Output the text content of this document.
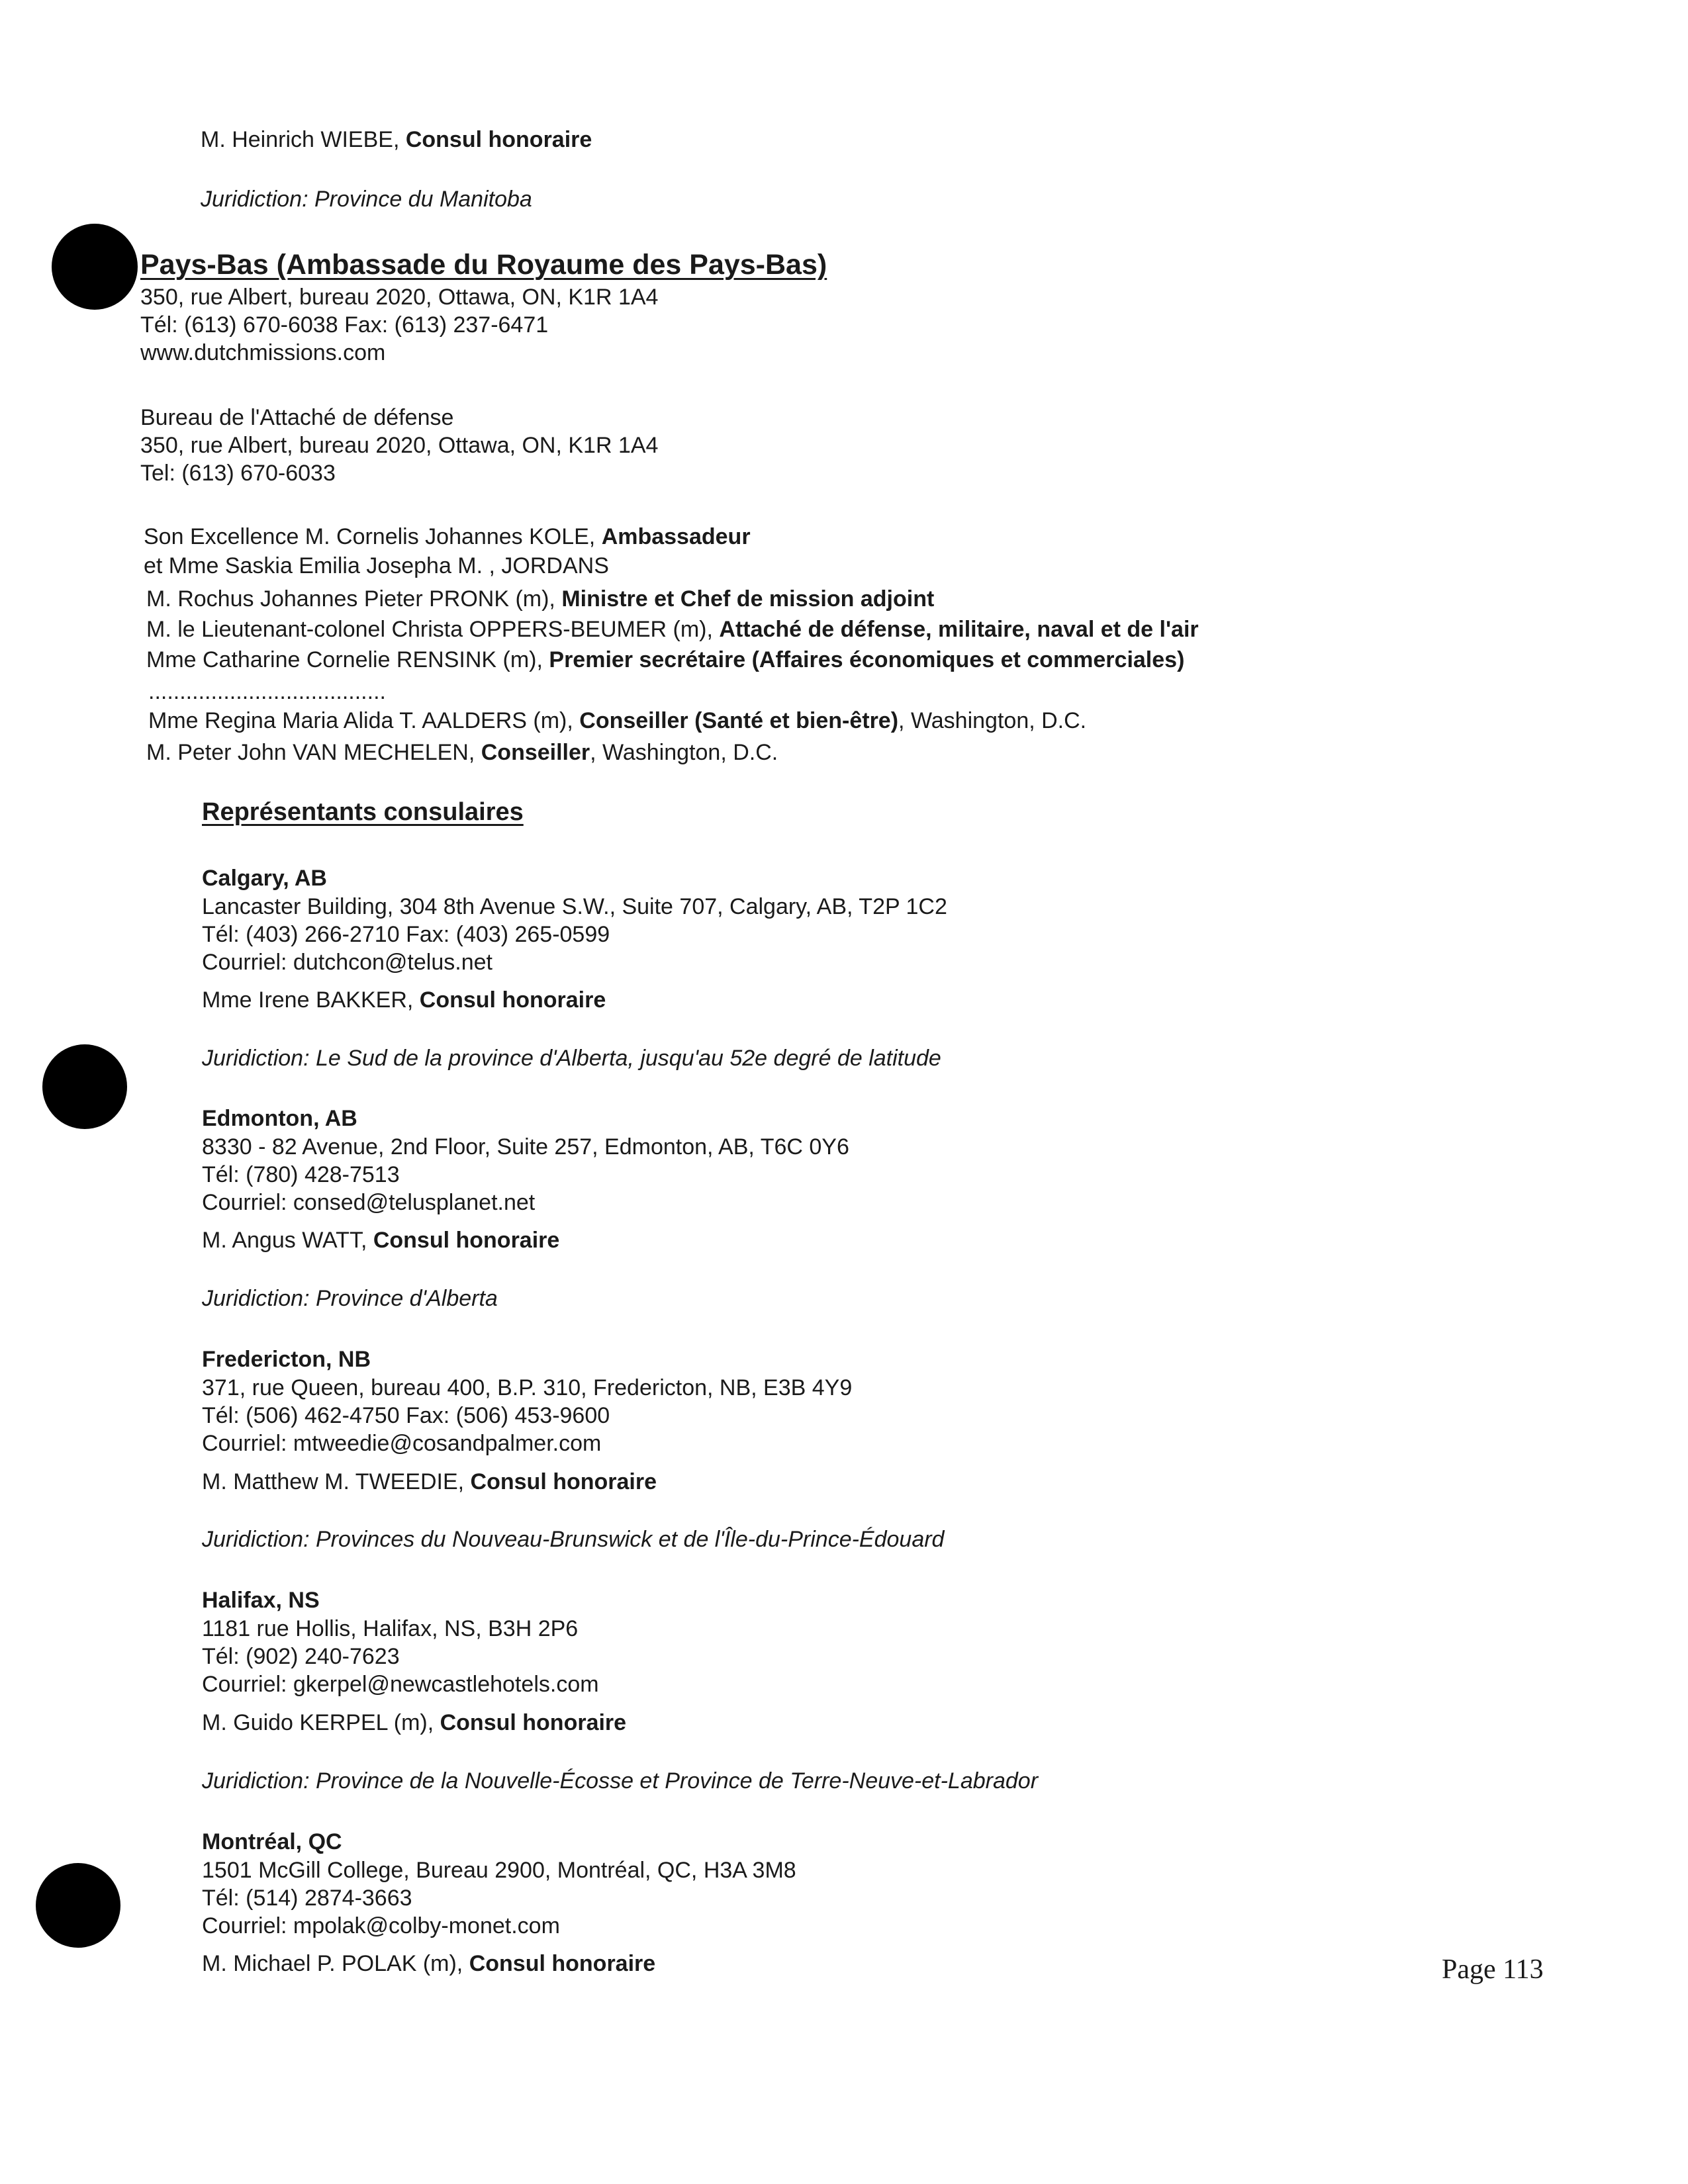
M. Heinrich WIEBE, Consul honoraire
Juridiction: Province du Manitoba
Pays-Bas (Ambassade du Royaume des Pays-Bas)
350, rue Albert, bureau 2020, Ottawa, ON, K1R 1A4
Tél: (613) 670-6038 Fax: (613) 237-6471
www.dutchmissions.com
Bureau de l'Attaché de défense
350, rue Albert, bureau 2020, Ottawa, ON, K1R 1A4
Tel: (613) 670-6033
Son Excellence M. Cornelis Johannes KOLE, Ambassadeur
et Mme Saskia Emilia Josepha M. , JORDANS
M. Rochus Johannes Pieter PRONK (m), Ministre et Chef de mission adjoint
M. le Lieutenant-colonel Christa OPPERS-BEUMER (m), Attaché de défense, militaire, naval et de l'air
Mme Catharine Cornelie RENSINK (m), Premier secrétaire (Affaires économiques et commerciales)
......................................
Mme Regina Maria Alida T. AALDERS (m), Conseiller (Santé et bien-être), Washington, D.C.
M. Peter John VAN MECHELEN, Conseiller, Washington, D.C.
Représentants consulaires
Calgary, AB
Lancaster Building, 304 8th Avenue S.W., Suite 707, Calgary, AB, T2P 1C2
Tél: (403) 266-2710 Fax: (403) 265-0599
Courriel: dutchcon@telus.net
Mme Irene BAKKER, Consul honoraire
Juridiction: Le Sud de la province d'Alberta, jusqu'au 52e degré de latitude
Edmonton, AB
8330 - 82 Avenue, 2nd Floor, Suite 257, Edmonton, AB, T6C 0Y6
Tél: (780) 428-7513
Courriel: consed@telusplanet.net
M. Angus WATT, Consul honoraire
Juridiction: Province d'Alberta
Fredericton, NB
371, rue Queen, bureau 400, B.P. 310, Fredericton, NB, E3B 4Y9
Tél: (506) 462-4750 Fax: (506) 453-9600
Courriel: mtweedie@cosandpalmer.com
M. Matthew M. TWEEDIE, Consul honoraire
Juridiction: Provinces du Nouveau-Brunswick et de l'Île-du-Prince-Édouard
Halifax, NS
1181 rue Hollis, Halifax, NS, B3H 2P6
Tél: (902) 240-7623
Courriel: gkerpel@newcastlehotels.com
M. Guido KERPEL (m), Consul honoraire
Juridiction: Province de la Nouvelle-Écosse et Province de Terre-Neuve-et-Labrador
Montréal, QC
1501 McGill College, Bureau 2900, Montréal, QC, H3A 3M8
Tél: (514) 2874-3663
Courriel: mpolak@colby-monet.com
M. Michael P. POLAK (m), Consul honoraire	Page 113
